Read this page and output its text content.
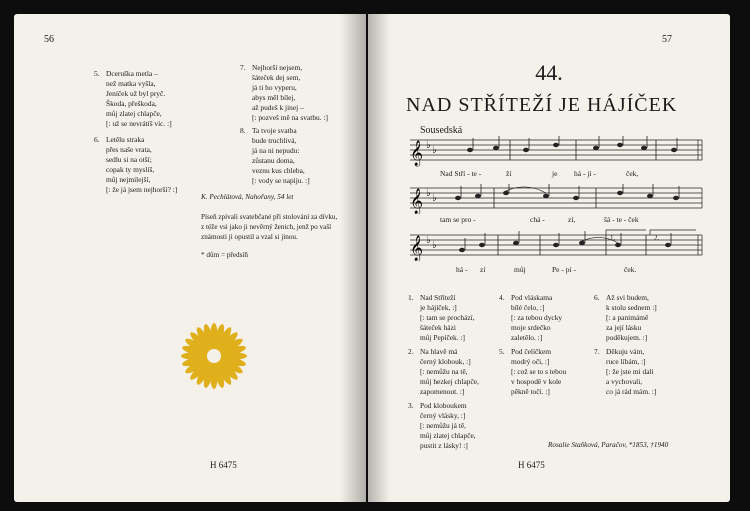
56
5. Dceruška metla –
než matka vyšla,
Jeníček už byl pryč.
Škoda, přeškoda,
můj zlatej chlapče,
[: už se nevrátíš víc. :]
6. Letělu straka
přes naše vrata,
sedlu si na otší;
copak ty myslíš,
můj nejmilejší,
[: že já jsem nejhorší? :]
7. Nejhorší nejsem,
šáteček dej sem,
já ti ho vyperu,
abys měl bílej,
až pudeš k jinej –
[: pozveš mě na svatbu. :]
8. Ta tvoje svatba
bude truchlivá,
já na ni nepudu:
zůstanu doma,
veznu kus chleba,
[: vody se napiju. :]
K. Pechlátová, Nahořany, 54 let
Píseň zpívali svatebčané při stolování za dívku,
z téže vsi jako ji nevěrný ženich, jenž po vaší
známosti ji opustil a vzal si jinou.
* dům = předsíň
H 6475
57
44.
NAD STŘÍTEŽÍ JE HÁJÍČEK
Sousedská
𝄞 ♭ ♭
Nad Stří - te -	ží	je há - jí -	ček,
𝄞 ♭ ♭
tam se pro -	chá -	zí,	šá - te - ček
𝄞 ♭ ♭
1.	2.
há - zí	můj	Pe - pí -	ček.
1. Nad Stříteží
je hájíček, :]
[: tam se prochází,
šáteček házi
můj Pepíček. :]
2. Na hlavě má
černý klobouk, :]
[: nemůžu na tě,
můj hezkej chlapče,
zapomenout. :]
3. Pod kloboukem
černý vlásky, :]
[: nemůžu já tě,
můj zlatej chlapče,
pustit z lásky! :]
4. Pod vláskama
bílé čelo, :]
[: za tebou dycky
moje srdečko
zaletělo. :]
5. Pod čelíčkem
modrý oči, :]
[: což se to s tebou
v hospodě v kole
pěkně točí. :]
6. Až svi budem,
k stolu sednem :]
[: a panimámě
za její lásku
poděkujem. :]
7. Děkuju vám,
ruce líbám, :]
[: že jste mi dali
a vychovali,
co já rád mám. :]
Rosalie Staňková, Paračov, *1853, †1940
H 6475
